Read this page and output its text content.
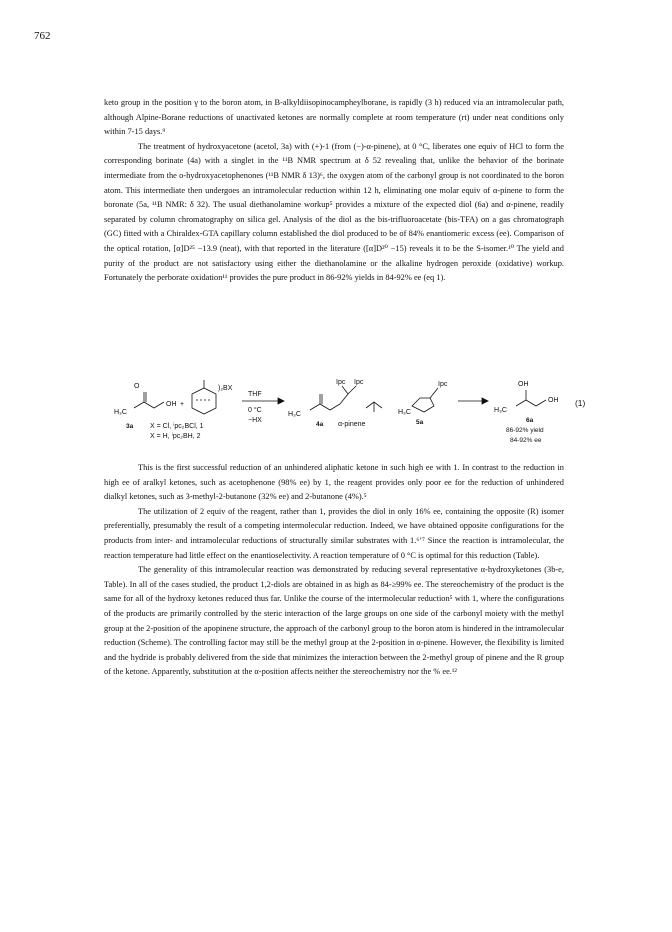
762

keto group in the position γ to the boron atom, in B-alkyldiisopinocampheylborane, is rapidly (3 h) reduced via an intramolecular path, although Alpine-Borane reductions of unactivated ketones are normally complete at room temperature (rt) under neat conditions only within 7-15 days.⁹

The treatment of hydroxyacetone (acetol, 3a) with (+)-1 (from (−)-α-pinene), at 0 °C, liberates one equiv of HCl to form the corresponding borinate (4a) with a singlet in the ¹¹B NMR spectrum at δ 52 revealing that, unlike the behavior of the borinate intermediate from the o-hydroxyacetophenones (¹¹B NMR δ 13)⁶, the oxygen atom of the carbonyl group is not coordinated to the boron atom. This intermediate then undergoes an intramolecular reduction within 12 h, eliminating one molar equiv of α-pinene to form the boronate (5a, ¹¹B NMR: δ 32). The usual diethanolamine workup⁵ provides a mixture of the expected diol (6a) and α-pinene, readily separated by column chromatography on silica gel. Analysis of the diol as the bis-trifluoroacetate (bis-TFA) on a gas chromatograph (GC) fitted with a Chiraldex-GTA capillary column established the diol produced to be of 84% enantiomeric excess (ee). Comparison of the optical rotation, [α]D²⁵ −13.9 (neat), with that reported in the literature ([α]D²⁰ −15) reveals it to be the S-isomer.¹⁰ The yield and purity of the product are not satisfactory using either the diethanolamine or the alkaline hydrogen peroxide (oxidative) workup. Fortunately the perborate oxidation¹¹ provides the pure product in 86-92% yields in 84-92% ee (eq 1).

O
H₃C
OH +
)₂BX
3a X = Cl, ⁱpc₂BCl, 1
X = H, ⁱpc₂BH, 2
THF
0 °C
−HX
H₃C
Ipc Ipc
4a α-pinene
H₃C
Ipc
5a
H₃C
OH
OH
6a
86-92% yield
84-92% ee
(1)

This is the first successful reduction of an unhindered aliphatic ketone in such high ee with 1. In contrast to the reduction in high ee of aralkyl ketones, such as acetophenone (98% ee) by 1, the reagent provides only poor ee for the reduction of unhindered dialkyl ketones, such as 3-methyl-2-butanone (32% ee) and 2-butanone (4%).⁵

The utilization of 2 equiv of the reagent, rather than 1, provides the diol in only 16% ee, containing the opposite (R) isomer preferentially, presumably the result of a competing intermolecular reduction. Indeed, we have obtained opposite configurations for the products from inter- and intramolecular reductions of structurally similar substrates with 1.⁶ʼ⁷ Since the reaction is intramolecular, the reaction temperature had little effect on the enantioselectivity. A reaction temperature of 0 °C is optimal for this reduction (Table).

The generality of this intramolecular reaction was demonstrated by reducing several representative α-hydroxyketones (3b-e, Table). In all of the cases studied, the product 1,2-diols are obtained in as high as 84-≥99% ee. The stereochemistry of the product is the same for all of the hydroxy ketones reduced thus far. Unlike the course of the intermolecular reduction⁵ with 1, where the configurations of the products are primarily controlled by the steric interaction of the large groups on one side of the carbonyl moiety with the methyl group at the 2-position of the apopinene structure, the approach of the carbonyl group to the boron atom is hindered in the intramolecular reduction (Scheme). The controlling factor may still be the methyl group at the 2-position in α-pinene. However, the flexibility is limited and the hydride is probably delivered from the side that minimizes the interaction between the 2-methyl group of pinene and the R group of the ketone. Apparently, substitution at the α-position affects neither the stereochemistry nor the % ee.¹²
